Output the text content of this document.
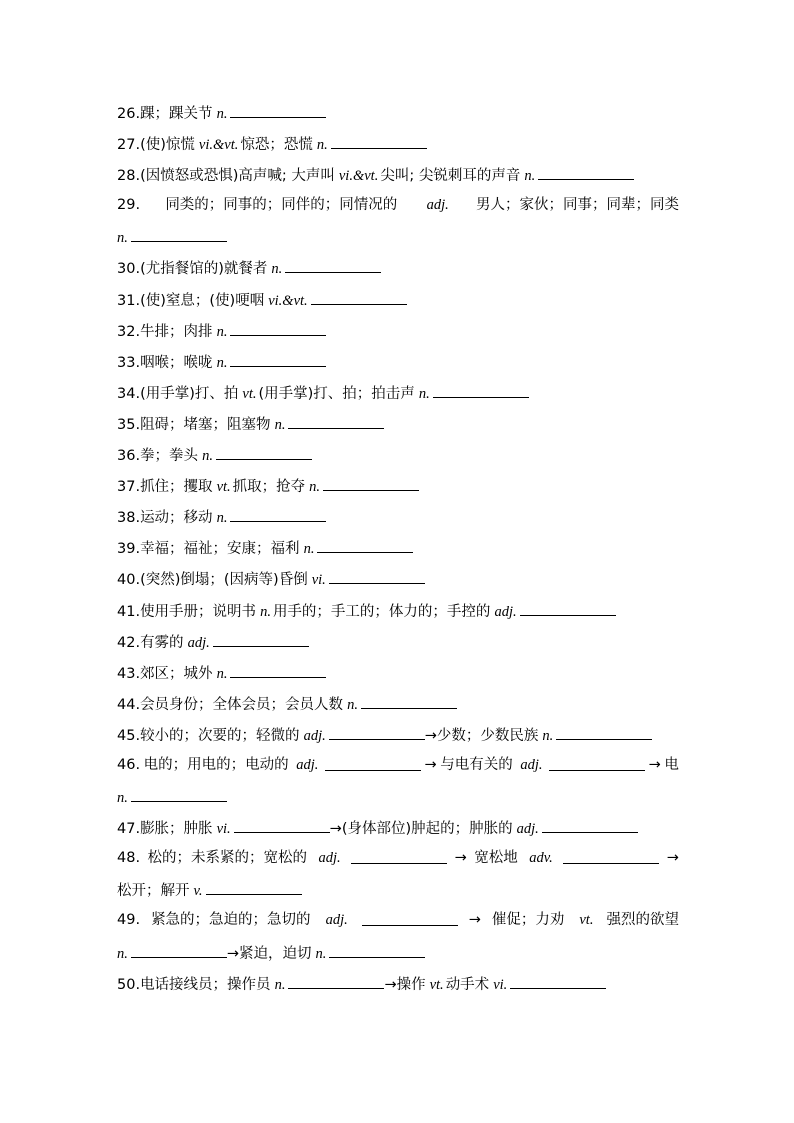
26.踝；踝关节 n.
27.(使)惊慌 vi.&vt. 惊恐；恐慌 n.
28.(因愤怒或恐惧)高声喊; 大声叫 vi.&vt. 尖叫; 尖锐刺耳的声音 n.
29. 同类的；同事的；同伴的；同情况的 adj. 男人；家伙；同事；同辈；同类
n.
30.(尤指餐馆的)就餐者 n.
31.(使)窒息；(使)哽咽 vi.&vt.
32.牛排；肉排 n.
33.咽喉；喉咙 n.
34.(用手掌)打、拍 vt. (用手掌)打、拍；拍击声 n.
35.阻碍；堵塞；阻塞物 n.
36.拳；拳头 n.
37.抓住；攫取 vt. 抓取；抢夺 n.
38.运动；移动 n.
39.幸福；福祉；安康；福利 n.
40.(突然)倒塌；(因病等)昏倒 vi.
41.使用手册；说明书 n. 用手的；手工的；体力的；手控的 adj.
42.有雾的 adj.
43.郊区；城外 n.
44.会员身份；全体会员；会员人数 n.
45.较小的；次要的；轻微的 adj.	→少数；少数民族 n.
46. 电的；用电的；电动的 adj.	→ 与电有关的 adj.	→ 电
n.
47.膨胀；肿胀 vi.	→(身体部位)肿起的；肿胀的 adj.
48. 松的；未系紧的；宽松的 adj.	→ 宽松地 adv.	→
松开；解开 v.
49. 紧急的；急迫的；急切的 adj.	→ 催促；力劝 vt. 强烈的欲望
n.	→紧迫，迫切 n.
50.电话接线员；操作员 n.	→操作 vt. 动手术 vi.
